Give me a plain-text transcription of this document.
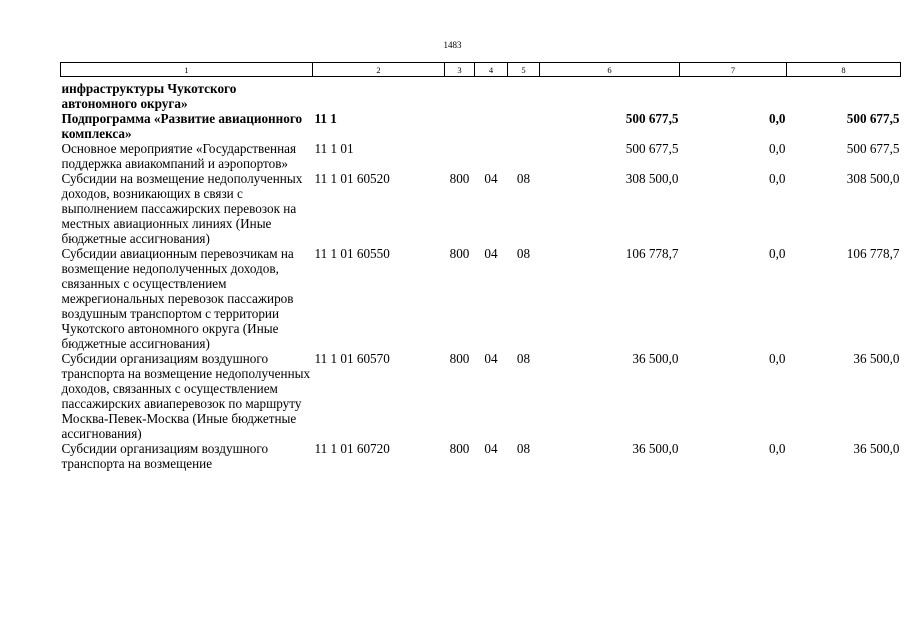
1483
1	2	3	4	5	6	7	8
инфраструктуры Чукотского автономного округа»							
Подпрограмма «Развитие авиационного комплекса»	11 1				500 677,5	0,0	500 677,5
Основное мероприятие «Государственная поддержка авиакомпаний и аэропортов»	11 1 01				500 677,5	0,0	500 677,5
Субсидии на возмещение недополученных доходов, возникающих в связи с выполнением пассажирских перевозок на местных авиационных линиях (Иные бюджетные ассигнования)	11 1 01 60520	800	04	08	308 500,0	0,0	308 500,0
Субсидии авиационным перевозчикам на возмещение недополученных доходов, связанных с осуществлением межрегиональных перевозок пассажиров воздушным транспортом с территории Чукотского автономного округа (Иные бюджетные ассигнования)	11 1 01 60550	800	04	08	106 778,7	0,0	106 778,7
Субсидии организациям воздушного транспорта на возмещение недополученных доходов, связанных с осуществлением пассажирских авиаперевозок по маршруту Москва-Певек-Москва (Иные бюджетные ассигнования)	11 1 01 60570	800	04	08	36 500,0	0,0	36 500,0
Субсидии организациям воздушного транспорта на возмещение	11 1 01 60720	800	04	08	36 500,0	0,0	36 500,0
